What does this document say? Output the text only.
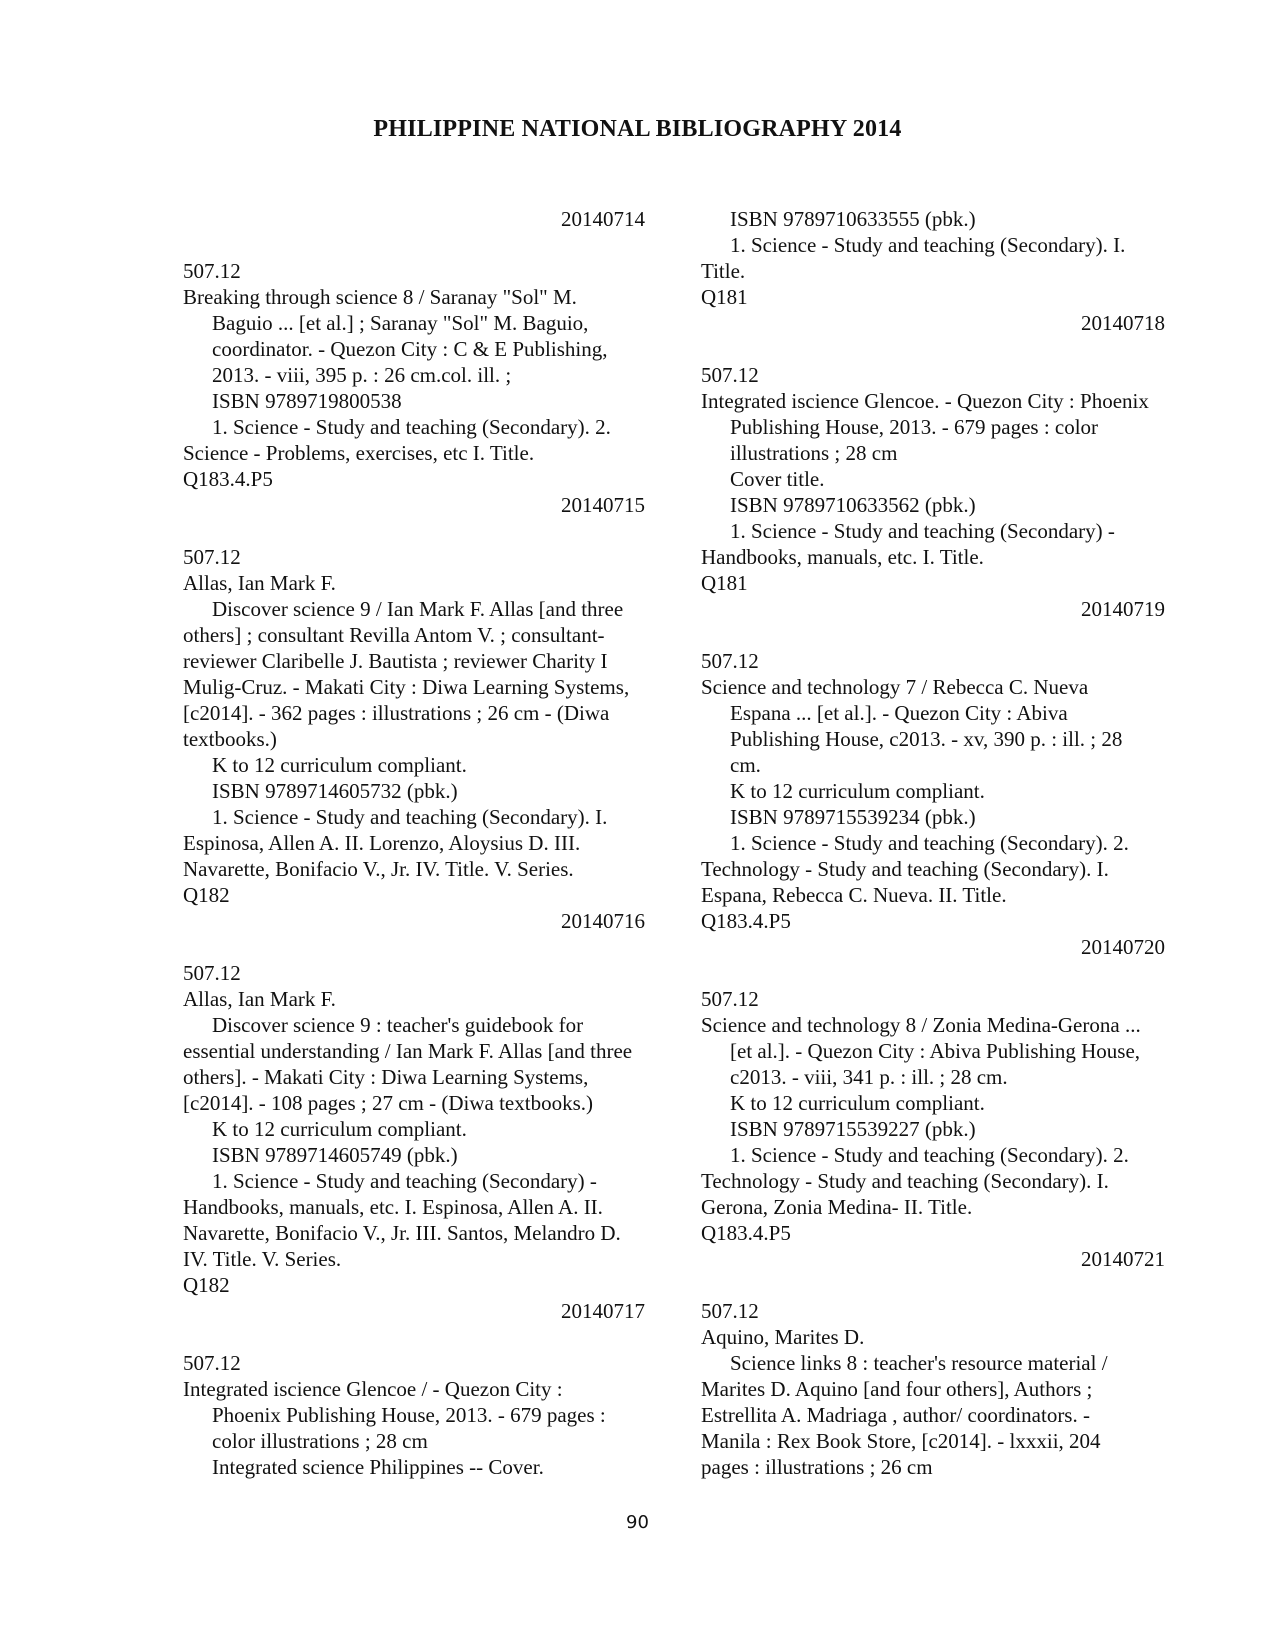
PHILIPPINE NATIONAL BIBLIOGRAPHY 2014
20140714
507.12
Breaking through science 8 / Saranay "Sol" M.
Baguio ... [et al.] ; Saranay "Sol" M. Baguio,
coordinator. - Quezon City : C & E Publishing,
2013. - viii, 395 p. : 26 cm.col. ill. ;
ISBN 9789719800538
1. Science - Study and teaching (Secondary). 2.
Science - Problems, exercises, etc I. Title.
Q183.4.P5
20140715
507.12
Allas, Ian Mark F.
Discover science 9 / Ian Mark F. Allas [and three
others] ; consultant Revilla Antom V. ; consultant-
reviewer Claribelle J. Bautista ; reviewer Charity I
Mulig-Cruz. - Makati City : Diwa Learning Systems,
[c2014]. - 362 pages : illustrations ; 26 cm - (Diwa
textbooks.)
K to 12 curriculum compliant.
ISBN 9789714605732 (pbk.)
1. Science - Study and teaching (Secondary). I.
Espinosa, Allen A. II. Lorenzo, Aloysius D. III.
Navarette, Bonifacio V., Jr. IV. Title. V. Series.
Q182
20140716
507.12
Allas, Ian Mark F.
Discover science 9 : teacher's guidebook for
essential understanding / Ian Mark F. Allas [and three
others]. - Makati City : Diwa Learning Systems,
[c2014]. - 108 pages ; 27 cm - (Diwa textbooks.)
K to 12 curriculum compliant.
ISBN 9789714605749 (pbk.)
1. Science - Study and teaching (Secondary) -
Handbooks, manuals, etc. I. Espinosa, Allen A. II.
Navarette, Bonifacio V., Jr. III. Santos, Melandro D.
IV. Title. V. Series.
Q182
20140717
507.12
Integrated iscience Glencoe / - Quezon City :
Phoenix Publishing House, 2013. - 679 pages :
color illustrations ; 28 cm
Integrated science Philippines -- Cover.
ISBN 9789710633555 (pbk.)
1. Science - Study and teaching (Secondary). I.
Title.
Q181
20140718
507.12
Integrated iscience Glencoe. - Quezon City : Phoenix
Publishing House, 2013. - 679 pages : color
illustrations ; 28 cm
Cover title.
ISBN 9789710633562 (pbk.)
1. Science - Study and teaching (Secondary) -
Handbooks, manuals, etc. I. Title.
Q181
20140719
507.12
Science and technology 7 / Rebecca C. Nueva
Espana ... [et al.]. - Quezon City : Abiva
Publishing House, c2013. - xv, 390 p. : ill. ; 28
cm.
K to 12 curriculum compliant.
ISBN 9789715539234 (pbk.)
1. Science - Study and teaching (Secondary). 2.
Technology - Study and teaching (Secondary). I.
Espana, Rebecca C. Nueva. II. Title.
Q183.4.P5
20140720
507.12
Science and technology 8 / Zonia Medina-Gerona ...
[et al.]. - Quezon City : Abiva Publishing House,
c2013. - viii, 341 p. : ill. ; 28 cm.
K to 12 curriculum compliant.
ISBN 9789715539227 (pbk.)
1. Science - Study and teaching (Secondary). 2.
Technology - Study and teaching (Secondary). I.
Gerona, Zonia Medina- II. Title.
Q183.4.P5
20140721
507.12
Aquino, Marites D.
Science links 8 : teacher's resource material /
Marites D. Aquino [and four others], Authors ;
Estrellita A. Madriaga , author/ coordinators. -
Manila : Rex Book Store, [c2014]. - lxxxii, 204
pages : illustrations ; 26 cm
90
